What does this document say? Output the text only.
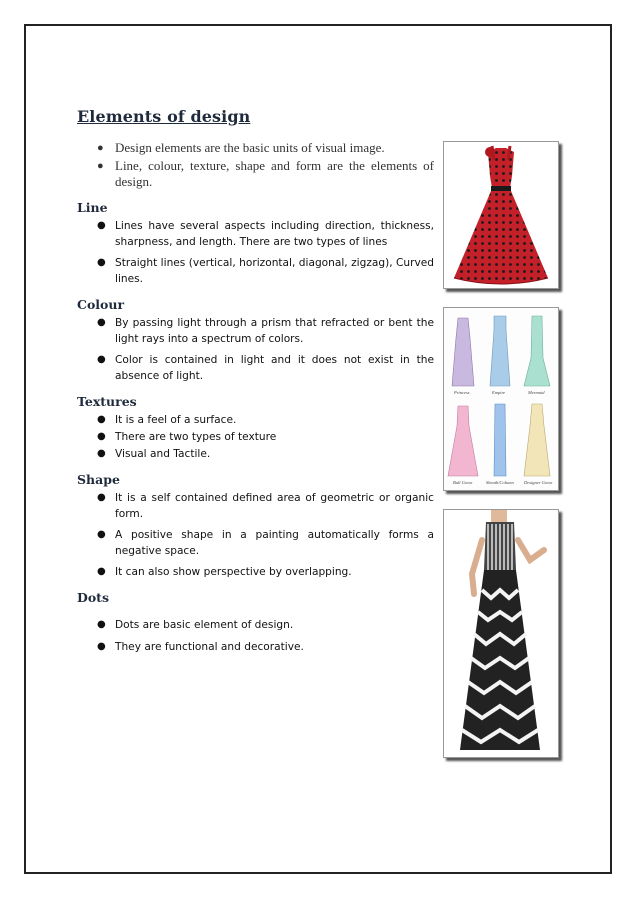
Elements of design
● Design elements are the basic units of visual image.
● Line, colour, texture, shape and form are the elements of design.
Line
● Lines have several aspects including direction, thickness, sharpness, and length. There are two types of lines
● Straight lines (vertical, horizontal, diagonal, zigzag), Curved lines.
Colour
● By passing light through a prism that refracted or bent the light rays into a spectrum of colors.
● Color is contained in light and it does not exist in the absence of light.
Textures
● It is a feel of a surface.
● There are two types of texture
● Visual and Tactile.
Shape
● It is a self contained defined area of geometric or organic form.
● A positive shape in a painting automatically forms a negative space.
● It can also show perspective by overlapping.
Dots
● Dots are basic element of design.
● They are functional and decorative.
Princess	Empire	Mermaid
Ball Gown	Sheath/Column Designer Gown
